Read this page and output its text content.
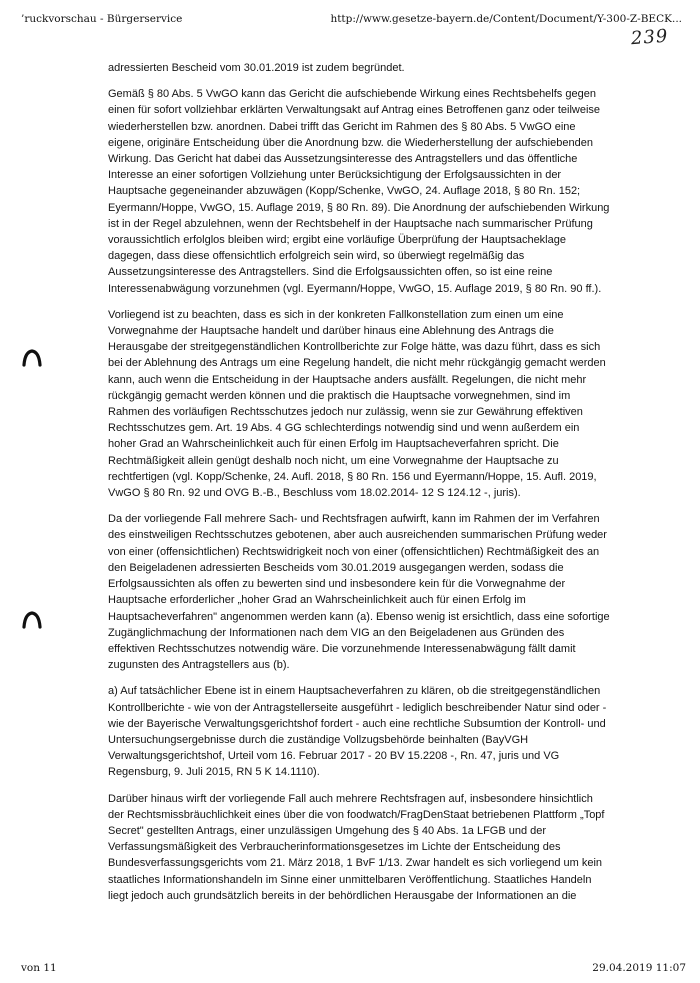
’ruckvorschau - Bürgerservice	http://www.gesetze-bayern.de/Content/Document/Y-300-Z-BECK...
239

adressierten Bescheid vom 30.01.2019 ist zudem begründet.

Gemäß § 80 Abs. 5 VwGO kann das Gericht die aufschiebende Wirkung eines Rechtsbehelfs gegen
einen für sofort vollziehbar erklärten Verwaltungsakt auf Antrag eines Betroffenen ganz oder teilweise
wiederherstellen bzw. anordnen. Dabei trifft das Gericht im Rahmen des § 80 Abs. 5 VwGO eine
eigene, originäre Entscheidung über die Anordnung bzw. die Wiederherstellung der aufschiebenden
Wirkung. Das Gericht hat dabei das Aussetzungsinteresse des Antragstellers und das öffentliche
Interesse an einer sofortigen Vollziehung unter Berücksichtigung der Erfolgsaussichten in der
Hauptsache gegeneinander abzuwägen (Kopp/Schenke, VwGO, 24. Auflage 2018, § 80 Rn. 152;
Eyermann/Hoppe, VwGO, 15. Auflage 2019, § 80 Rn. 89). Die Anordnung der aufschiebenden Wirkung
ist in der Regel abzulehnen, wenn der Rechtsbehelf in der Hauptsache nach summarischer Prüfung
voraussichtlich erfolglos bleiben wird; ergibt eine vorläufige Überprüfung der Hauptsacheklage
dagegen, dass diese offensichtlich erfolgreich sein wird, so überwiegt regelmäßig das
Aussetzungsinteresse des Antragstellers. Sind die Erfolgsaussichten offen, so ist eine reine
Interessenabwägung vorzunehmen (vgl. Eyermann/Hoppe, VwGO, 15. Auflage 2019, § 80 Rn. 90 ff.).

Vorliegend ist zu beachten, dass es sich in der konkreten Fallkonstellation zum einen um eine
Vorwegnahme der Hauptsache handelt und darüber hinaus eine Ablehnung des Antrags die
Herausgabe der streitgegenständlichen Kontrollberichte zur Folge hätte, was dazu führt, dass es sich
bei der Ablehnung des Antrags um eine Regelung handelt, die nicht mehr rückgängig gemacht werden
kann, auch wenn die Entscheidung in der Hauptsache anders ausfällt. Regelungen, die nicht mehr
rückgängig gemacht werden können und die praktisch die Hauptsache vorwegnehmen, sind im
Rahmen des vorläufigen Rechtsschutzes jedoch nur zulässig, wenn sie zur Gewährung effektiven
Rechtsschutzes gem. Art. 19 Abs. 4 GG schlechterdings notwendig sind und wenn außerdem ein
hoher Grad an Wahrscheinlichkeit auch für einen Erfolg im Hauptsacheverfahren spricht. Die
Rechtmäßigkeit allein genügt deshalb noch nicht, um eine Vorwegnahme der Hauptsache zu
rechtfertigen (vgl. Kopp/Schenke, 24. Aufl. 2018, § 80 Rn. 156 und Eyermann/Hoppe, 15. Aufl. 2019,
VwGO § 80 Rn. 92 und OVG B.-B., Beschluss vom 18.02.2014- 12 S 124.12 -, juris).

Da der vorliegende Fall mehrere Sach- und Rechtsfragen aufwirft, kann im Rahmen der im Verfahren
des einstweiligen Rechtsschutzes gebotenen, aber auch ausreichenden summarischen Prüfung weder
von einer (offensichtlichen) Rechtswidrigkeit noch von einer (offensichtlichen) Rechtmäßigkeit des an
den Beigeladenen adressierten Bescheids vom 30.01.2019 ausgegangen werden, sodass die
Erfolgsaussichten als offen zu bewerten sind und insbesondere kein für die Vorwegnahme der
Hauptsache erforderlicher „hoher Grad an Wahrscheinlichkeit auch für einen Erfolg im
Hauptsacheverfahren" angenommen werden kann (a). Ebenso wenig ist ersichtlich, dass eine sofortige
Zugänglichmachung der Informationen nach dem VIG an den Beigeladenen aus Gründen des
effektiven Rechtsschutzes notwendig wäre. Die vorzunehmende Interessenabwägung fällt damit
zugunsten des Antragstellers aus (b).

a) Auf tatsächlicher Ebene ist in einem Hauptsacheverfahren zu klären, ob die streitgegenständlichen
Kontrollberichte - wie von der Antragstellerseite ausgeführt - lediglich beschreibender Natur sind oder -
wie der Bayerische Verwaltungsgerichtshof fordert - auch eine rechtliche Subsumtion der Kontroll- und
Untersuchungsergebnisse durch die zuständige Vollzugsbehörde beinhalten (BayVGH
Verwaltungsgerichtshof, Urteil vom 16. Februar 2017 - 20 BV 15.2208 -, Rn. 47, juris und VG
Regensburg, 9. Juli 2015, RN 5 K 14.1110).

Darüber hinaus wirft der vorliegende Fall auch mehrere Rechtsfragen auf, insbesondere hinsichtlich
der Rechtsmissbräuchlichkeit eines über die von foodwatch/FragDenStaat betriebenen Plattform „Topf
Secret" gestellten Antrags, einer unzulässigen Umgehung des § 40 Abs. 1a LFGB und der
Verfassungsmäßigkeit des Verbraucherinformationsgesetzes im Lichte der Entscheidung des
Bundesverfassungsgerichts vom 21. März 2018, 1 BvF 1/13. Zwar handelt es sich vorliegend um kein
staatliches Informationshandeln im Sinne einer unmittelbaren Veröffentlichung. Staatliches Handeln
liegt jedoch auch grundsätzlich bereits in der behördlichen Herausgabe der Informationen an die

von 11	29.04.2019 11:07
